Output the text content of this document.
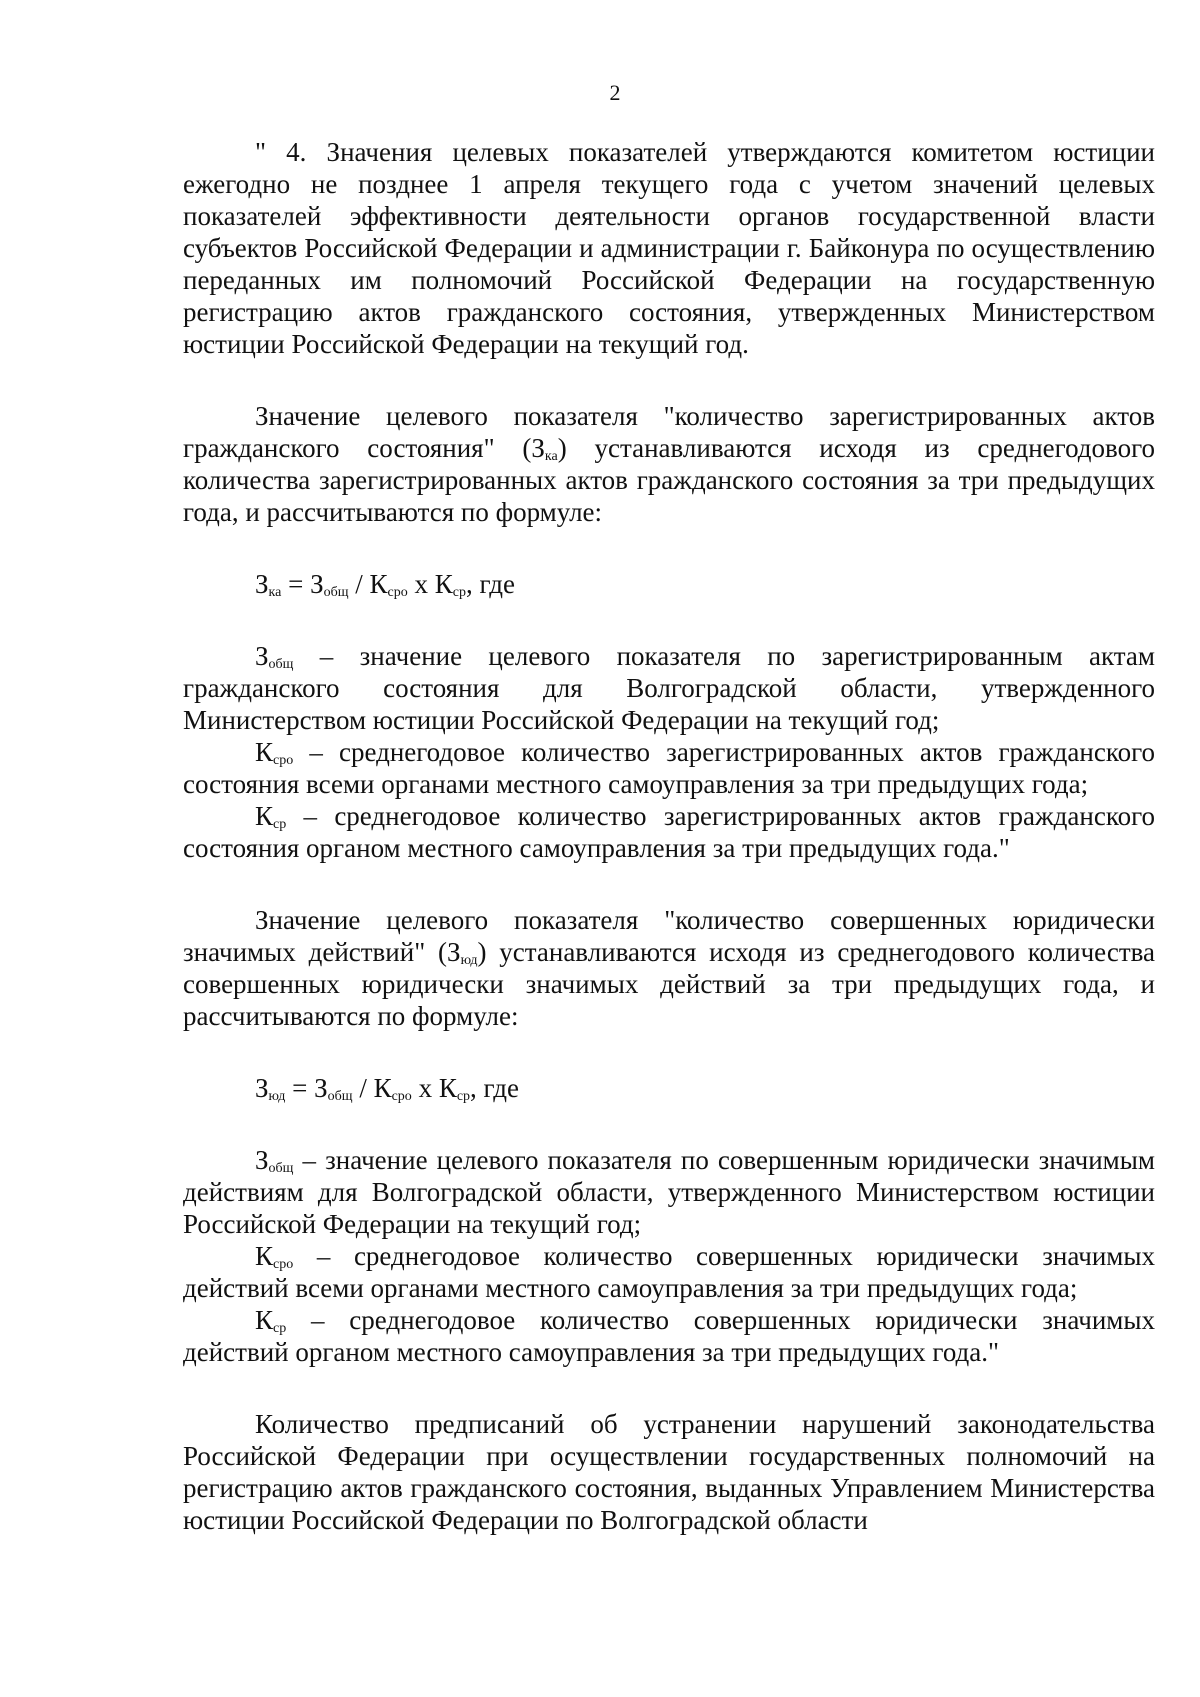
2

" 4. Значения целевых показателей утверждаются комитетом юстиции ежегодно не позднее 1 апреля текущего года с учетом значений целевых показателей эффективности деятельности органов государственной власти субъектов Российской Федерации и администрации г. Байконура по осуществлению переданных им полномочий Российской Федерации на государственную регистрацию актов гражданского состояния, утвержденных Министерством юстиции Российской Федерации на текущий год.

Значение целевого показателя "количество зарегистрированных актов гражданского состояния" $(З_{ка})$ устанавливаются исходя из среднегодового количества зарегистрированных актов гражданского состояния за три предыдущих года, и рассчитываются по формуле:

$З_{ка} = З_{общ} / К_{сро}$ x $К_{ср}$, где

$З_{общ}$ – значение целевого показателя по зарегистрированным актам гражданского состояния для Волгоградской области, утвержденного Министерством юстиции Российской Федерации на текущий год;

$К_{сро}$ – среднегодовое количество зарегистрированных актов гражданского состояния всеми органами местного самоуправления за три предыдущих года;

$К_{ср}$ – среднегодовое количество зарегистрированных актов гражданского состояния органом местного самоуправления за три предыдущих года."

Значение целевого показателя "количество совершенных юридически значимых действий" $(З_{юд})$ устанавливаются исходя из среднегодового количества совершенных юридически значимых действий за три предыдущих года, и рассчитываются по формуле:

$З_{юд} = З_{общ} / К_{сро}$ x $К_{ср}$, где

$З_{общ}$ – значение целевого показателя по совершенным юридически значимым действиям для Волгоградской области, утвержденного Министерством юстиции Российской Федерации на текущий год;

$К_{сро}$ – среднегодовое количество совершенных юридически значимых действий всеми органами местного самоуправления за три предыдущих года;

$К_{ср}$ – среднегодовое количество совершенных юридически значимых действий органом местного самоуправления за три предыдущих года."

Количество предписаний об устранении нарушений законодательства Российской Федерации при осуществлении государственных полномочий на регистрацию актов гражданского состояния, выданных Управлением Министерства юстиции Российской Федерации по Волгоградской области
